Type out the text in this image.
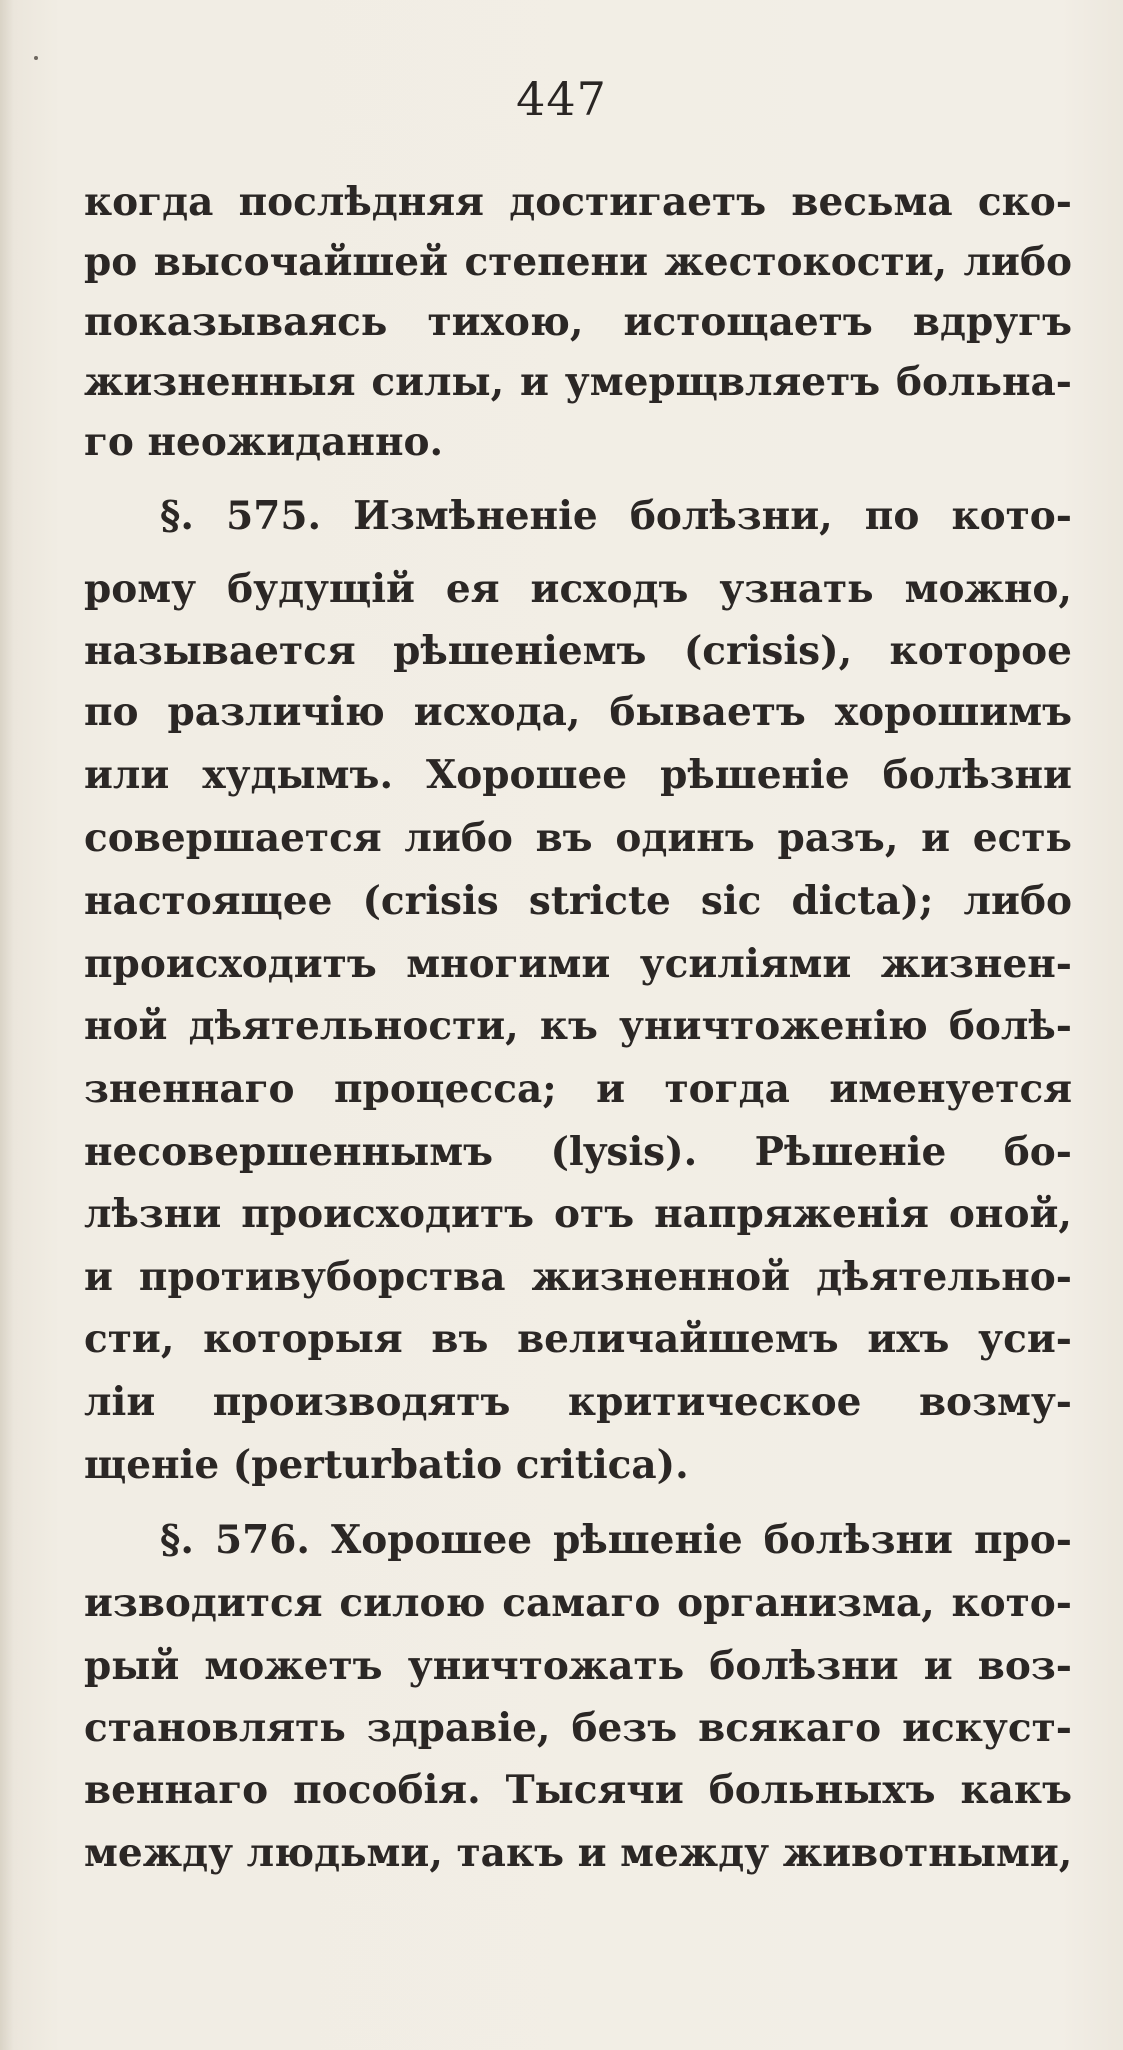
447
когда послѣдняя достигаетъ весьма ско-
ро высочайшей степени жестокости, либо
показываясь тихою, истощаетъ вдругъ
жизненныя силы, и умерщвляетъ больна-
го неожиданно.
§. 575. Измѣненіе болѣзни, по кото-
рому будущій ея исходъ узнать можно,
называется рѣшеніемъ (crisis), которое
по различію исхода, бываетъ хорошимъ
или худымъ. Хорошее рѣшеніе болѣзни
совершается либо въ одинъ разъ, и есть
настоящее (crisis stricte sic dicta); либо
происходитъ многими усиліями жизнен-
ной дѣятельности, къ уничтоженію болѣ-
зненнаго процесса; и тогда именуется
несовершеннымъ (lysis). Рѣшеніе бо-
лѣзни происходитъ отъ напряженія оной,
и противуборства жизненной дѣятельно-
сти, которыя въ величайшемъ ихъ уси-
ліи производятъ критическое возму-
щеніе (perturbatio critica).
§. 576. Хорошее рѣшеніе болѣзни про-
изводится силою самаго организма, кото-
рый можетъ уничтожать болѣзни и воз-
становлять здравіе, безъ всякаго искуст-
веннаго пособія. Тысячи больныхъ какъ
между людьми, такъ и между животными,
